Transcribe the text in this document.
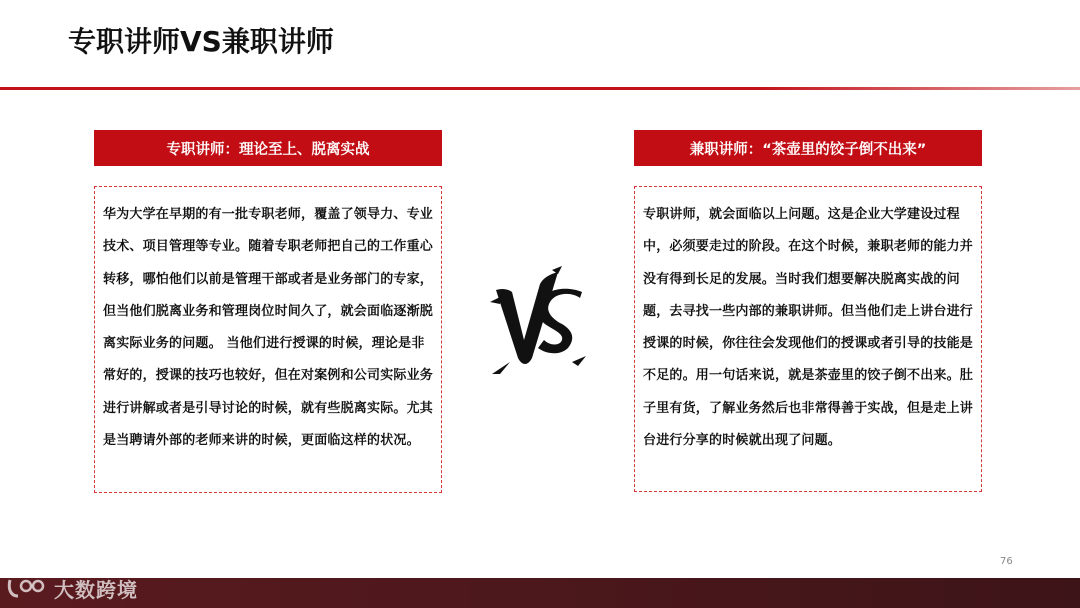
专职讲师VS兼职讲师
专职讲师：理论至上、脱离实战
华为大学在早期的有一批专职老师，覆盖了领导力、专业技术、项目管理等专业。随着专职老师把自己的工作重心转移，哪怕他们以前是管理干部或者是业务部门的专家，但当他们脱离业务和管理岗位时间久了，就会面临逐渐脱离实际业务的问题。 当他们进行授课的时候，理论是非常好的，授课的技巧也较好，但在对案例和公司实际业务进行讲解或者是引导讨论的时候，就有些脱离实际。尤其是当聘请外部的老师来讲的时候，更面临这样的状况。
兼职讲师：“茶壶里的饺子倒不出来”
专职讲师，就会面临以上问题。这是企业大学建设过程中，必须要走过的阶段。在这个时候，兼职老师的能力并没有得到长足的发展。当时我们想要解决脱离实战的问题，去寻找一些内部的兼职讲师。但当他们走上讲台进行授课的时候，你往往会发现他们的授课或者引导的技能是不足的。用一句话来说，就是茶壶里的饺子倒不出来。肚子里有货，了解业务然后也非常得善于实战，但是走上讲台进行分享的时候就出现了问题。
76
大数跨境
